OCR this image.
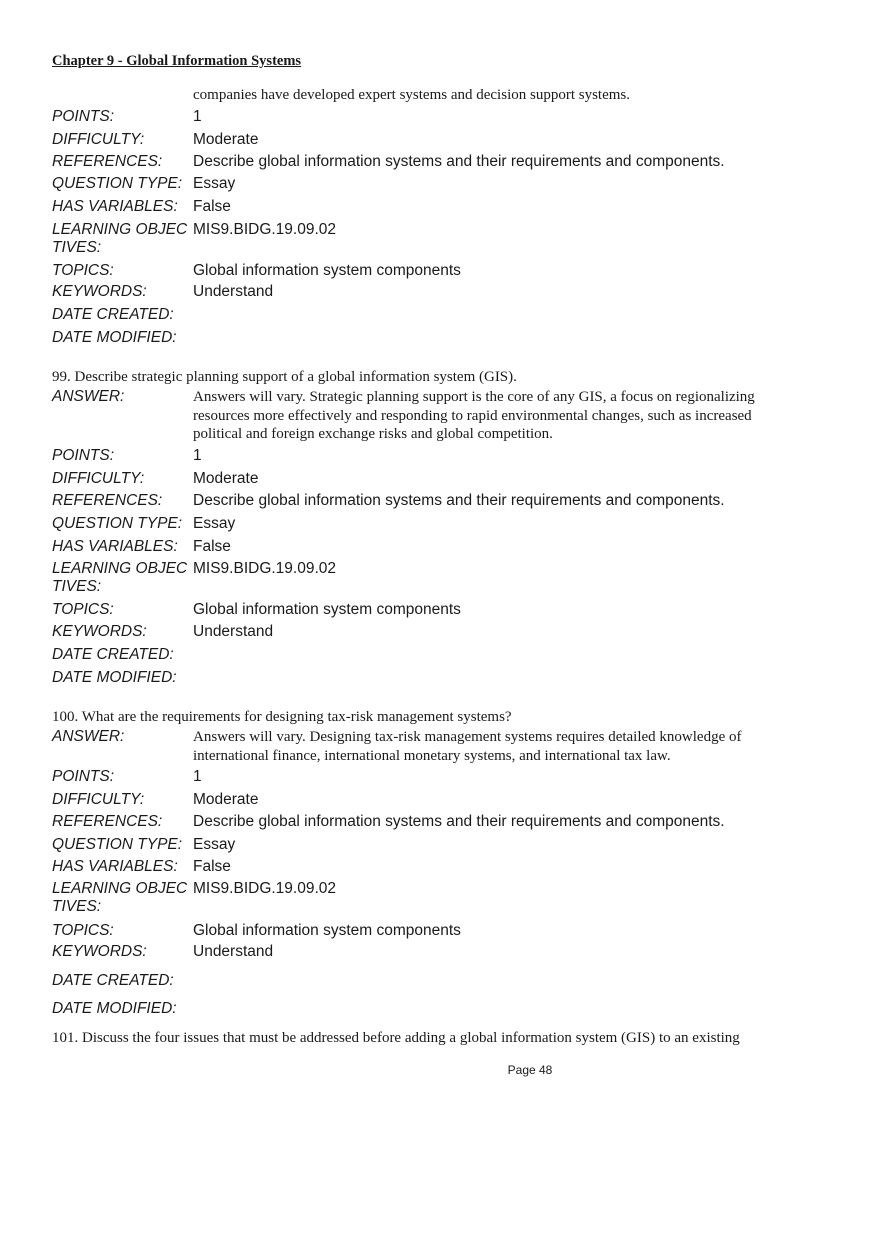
Chapter 9 - Global Information Systems
companies have developed expert systems and decision support systems.
POINTS:	1
DIFFICULTY:	Moderate
REFERENCES: Describe global information systems and their requirements and components.
QUESTION TYPE: Essay
HAS VARIABLES: False
LEARNING OBJECTIVES:
MIS9.BIDG.19.09.02
TOPICS:	Global information system components
KEYWORDS:	Understand
DATE CREATED:
DATE MODIFIED:
99. Describe strategic planning support of a global information system (GIS).
ANSWER:	Answers will vary. Strategic planning support is the core of any GIS, a focus on regionalizing resources more effectively and responding to rapid environmental changes, such as increased political and foreign exchange risks and global competition.
POINTS:	1
DIFFICULTY:	Moderate
REFERENCES: Describe global information systems and their requirements and components.
QUESTION TYPE: Essay
HAS VARIABLES: False
LEARNING OBJECTIVES:
MIS9.BIDG.19.09.02
TOPICS:	Global information system components
KEYWORDS:	Understand
DATE CREATED:
DATE MODIFIED:
100. What are the requirements for designing tax-risk management systems?
ANSWER:	Answers will vary. Designing tax-risk management systems requires detailed knowledge of international finance, international monetary systems, and international tax law.
POINTS:	1
DIFFICULTY:	Moderate
REFERENCES: Describe global information systems and their requirements and components.
QUESTION TYPE: Essay
HAS VARIABLES: False
LEARNING OBJECTIVES:
MIS9.BIDG.19.09.02
TOPICS:	Global information system components
KEYWORDS:	Understand
DATE CREATED:
DATE MODIFIED:
101. Discuss the four issues that must be addressed before adding a global information system (GIS) to an existing
Page 48
